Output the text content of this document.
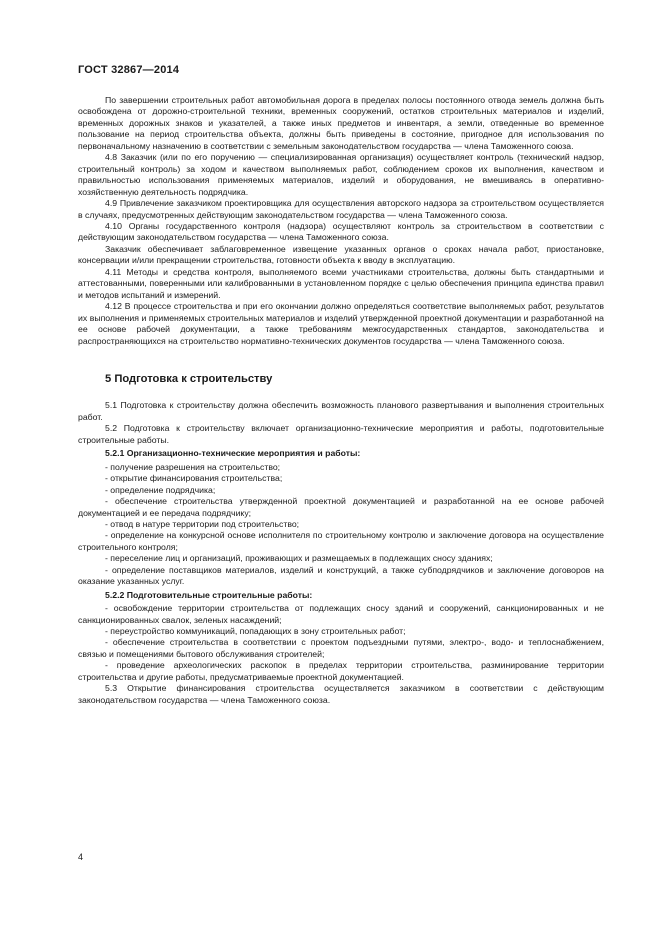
ГОСТ 32867—2014

По завершении строительных работ автомобильная дорога в пределах полосы постоянного отвода земель должна быть освобождена от дорожно-строительной техники, временных сооружений, остатков строительных материалов и изделий, временных дорожных знаков и указателей, а также иных предметов и инвентаря, а земли, отведенные во временное пользование на период строительства объекта, должны быть приведены в состояние, пригодное для использования по первоначальному назначению в соответствии с земельным законодательством государства — члена Таможенного союза.

4.8 Заказчик (или по его поручению — специализированная организация) осуществляет контроль (технический надзор, строительный контроль) за ходом и качеством выполняемых работ, соблюдением сроков их выполнения, качеством и правильностью использования применяемых материалов, изделий и оборудования, не вмешиваясь в оперативно-хозяйственную деятельность подрядчика.

4.9 Привлечение заказчиком проектировщика для осуществления авторского надзора за строительством осуществляется в случаях, предусмотренных действующим законодательством государства — члена Таможенного союза.

4.10 Органы государственного контроля (надзора) осуществляют контроль за строительством в соответствии с действующим законодательством государства — члена Таможенного союза.

Заказчик обеспечивает заблаговременное извещение указанных органов о сроках начала работ, приостановке, консервации и/или прекращении строительства, готовности объекта к вводу в эксплуатацию.

4.11 Методы и средства контроля, выполняемого всеми участниками строительства, должны быть стандартными и аттестованными, поверенными или калиброванными в установленном порядке с целью обеспечения принципа единства правил и методов испытаний и измерений.

4.12 В процессе строительства и при его окончании должно определяться соответствие выполняемых работ, результатов их выполнения и применяемых строительных материалов и изделий утвержденной проектной документации и разработанной на ее основе рабочей документации, а также требованиям межгосударственных стандартов, законодательства и распространяющихся на строительство нормативно-технических документов государства — члена Таможенного союза.

5 Подготовка к строительству

5.1 Подготовка к строительству должна обеспечить возможность планового развертывания и выполнения строительных работ.

5.2 Подготовка к строительству включает организационно-технические мероприятия и работы, подготовительные строительные работы.

5.2.1 Организационно-технические мероприятия и работы:

- получение разрешения на строительство;

- открытие финансирования строительства;

- определение подрядчика;

- обеспечение строительства утвержденной проектной документацией и разработанной на ее основе рабочей документацией и ее передача подрядчику;

- отвод в натуре территории под строительство;

- определение на конкурсной основе исполнителя по строительному контролю и заключение договора на осуществление строительного контроля;

- переселение лиц и организаций, проживающих и размещаемых в подлежащих сносу зданиях;

- определение поставщиков материалов, изделий и конструкций, а также субподрядчиков и заключение договоров на оказание указанных услуг.

5.2.2 Подготовительные строительные работы:

- освобождение территории строительства от подлежащих сносу зданий и сооружений, санкционированных и не санкционированных свалок, зеленых насаждений;

- переустройство коммуникаций, попадающих в зону строительных работ;

- обеспечение строительства в соответствии с проектом подъездными путями, электро-, водо- и теплоснабжением, связью и помещениями бытового обслуживания строителей;

- проведение археологических раскопок в пределах территории строительства, разминирование территории строительства и другие работы, предусматриваемые проектной документацией.

5.3 Открытие финансирования строительства осуществляется заказчиком в соответствии с действующим законодательством государства — члена Таможенного союза.

4
